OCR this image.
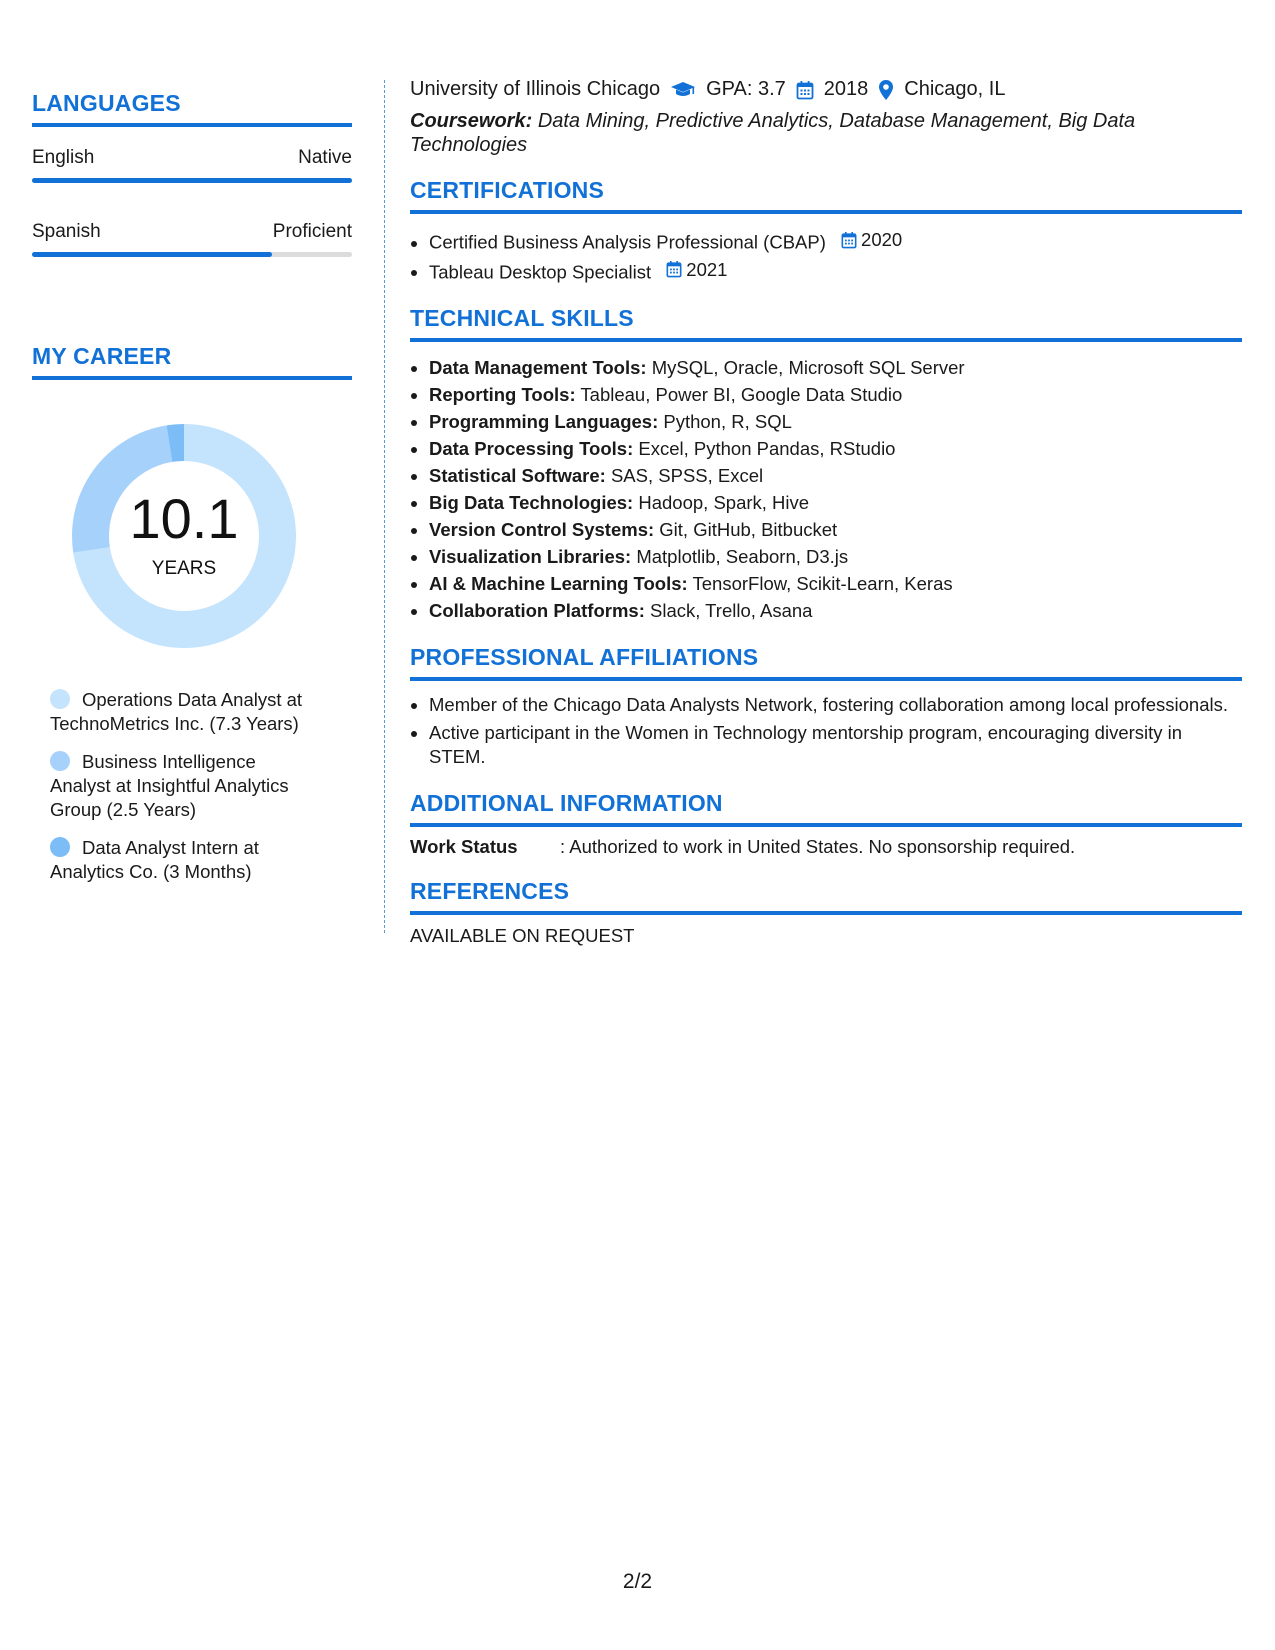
LANGUAGES
English	Native
Spanish	Proficient
MY CAREER
10.1
YEARS
Operations Data Analyst at TechnoMetrics Inc. (7.3 Years)
Business Intelligence Analyst at Insightful Analytics Group (2.5 Years)
Data Analyst Intern at Analytics Co. (3 Months)
University of Illinois Chicago GPA: 3.7 2018 Chicago, IL
Coursework: Data Mining, Predictive Analytics, Database Management, Big Data Technologies
CERTIFICATIONS
• Certified Business Analysis Professional (CBAP) 2020
• Tableau Desktop Specialist 2021
TECHNICAL SKILLS
• Data Management Tools: MySQL, Oracle, Microsoft SQL Server
• Reporting Tools: Tableau, Power BI, Google Data Studio
• Programming Languages: Python, R, SQL
• Data Processing Tools: Excel, Python Pandas, RStudio
• Statistical Software: SAS, SPSS, Excel
• Big Data Technologies: Hadoop, Spark, Hive
• Version Control Systems: Git, GitHub, Bitbucket
• Visualization Libraries: Matplotlib, Seaborn, D3.js
• AI & Machine Learning Tools: TensorFlow, Scikit-Learn, Keras
• Collaboration Platforms: Slack, Trello, Asana
PROFESSIONAL AFFILIATIONS
• Member of the Chicago Data Analysts Network, fostering collaboration among local professionals.
• Active participant in the Women in Technology mentorship program, encouraging diversity in STEM.
ADDITIONAL INFORMATION
Work Status	: Authorized to work in United States. No sponsorship required.
REFERENCES
AVAILABLE ON REQUEST
2/2
